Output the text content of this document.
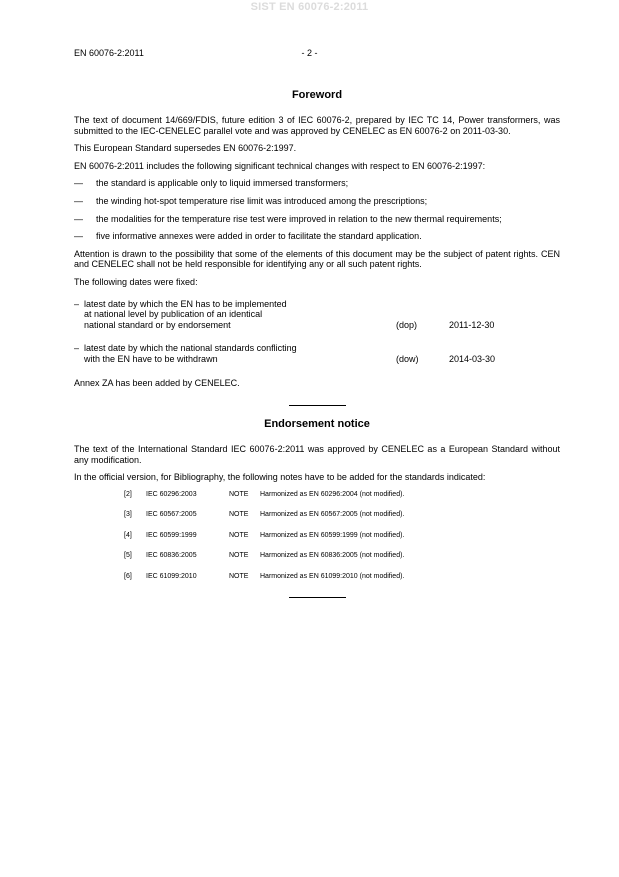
SIST EN 60076-2:2011
EN 60076-2:2011	- 2 -
Foreword

The text of document 14/669/FDIS, future edition 3 of IEC 60076-2, prepared by IEC TC 14, Power transformers, was submitted to the IEC-CENELEC parallel vote and was approved by CENELEC as EN 60076-2 on 2011-03-30.

This European Standard supersedes EN 60076-2:1997.

EN 60076-2:2011 includes the following significant technical changes with respect to EN 60076-2:1997:

—	the standard is applicable only to liquid immersed transformers;
—	the winding hot-spot temperature rise limit was introduced among the prescriptions;
—	the modalities for the temperature rise test were improved in relation to the new thermal requirements;
—	five informative annexes were added in order to facilitate the standard application.

Attention is drawn to the possibility that some of the elements of this document may be the subject of patent rights. CEN and CENELEC shall not be held responsible for identifying any or all such patent rights.

The following dates were fixed:

– latest date by which the EN has to be implemented
at national level by publication of an identical
national standard or by endorsement	(dop)	2011-12-30
– latest date by which the national standards conflicting
with the EN have to be withdrawn	(dow)	2014-03-30

Annex ZA has been added by CENELEC.

Endorsement notice

The text of the International Standard IEC 60076-2:2011 was approved by CENELEC as a European Standard without any modification.

In the official version, for Bibliography, the following notes have to be added for the standards indicated:

[2]	IEC 60296:2003	NOTE	Harmonized as EN 60296:2004 (not modified).
[3]	IEC 60567:2005	NOTE	Harmonized as EN 60567:2005 (not modified).
[4]	IEC 60599:1999	NOTE	Harmonized as EN 60599:1999 (not modified).
[5]	IEC 60836:2005	NOTE	Harmonized as EN 60836:2005 (not modified).
[6]	IEC 61099:2010	NOTE	Harmonized as EN 61099:2010 (not modified).
